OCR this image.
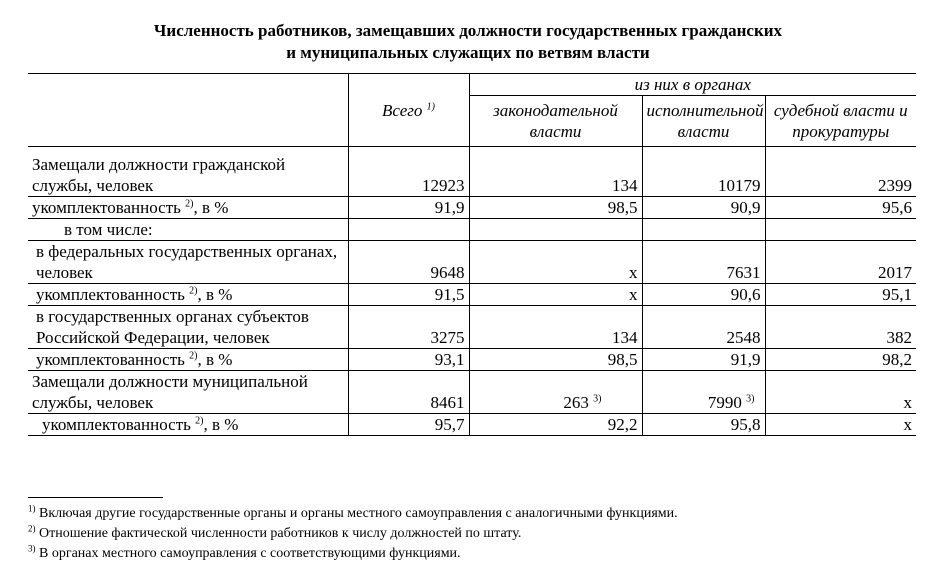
Численность работников, замещавших должности государственных гражданских
и муниципальных служащих по ветвям власти
	Всего $^{1)}$	из них в органах		
		законодательной власти	исполнительной власти	судебной власти и прокуратуры
Замещали должности гражданской службы, человек	12923	134	10179	2399
укомплектованность $^{2)}$, в %	91,9	98,5	90,9	95,6
в том числе:				
в федеральных государственных органах, человек	9648	x	7631	2017
укомплектованность $^{2)}$, в %	91,5	x	90,6	95,1
в государственных органах субъектов Российской Федерации, человек	3275	134	2548	382
укомплектованность $^{2)}$, в %	93,1	98,5	91,9	98,2
Замещали должности муниципальной службы, человек	8461	263 $^{3)}$	7990 $^{3)}$	x
укомплектованность $^{2)}$, в %	95,7	92,2	95,8	x
$^{1)}$ Включая другие государственные органы и органы местного самоуправления с аналогичными функциями.
$^{2)}$ Отношение фактической численности работников к числу должностей по штату.
$^{3)}$ В органах местного самоуправления с соответствующими функциями.
